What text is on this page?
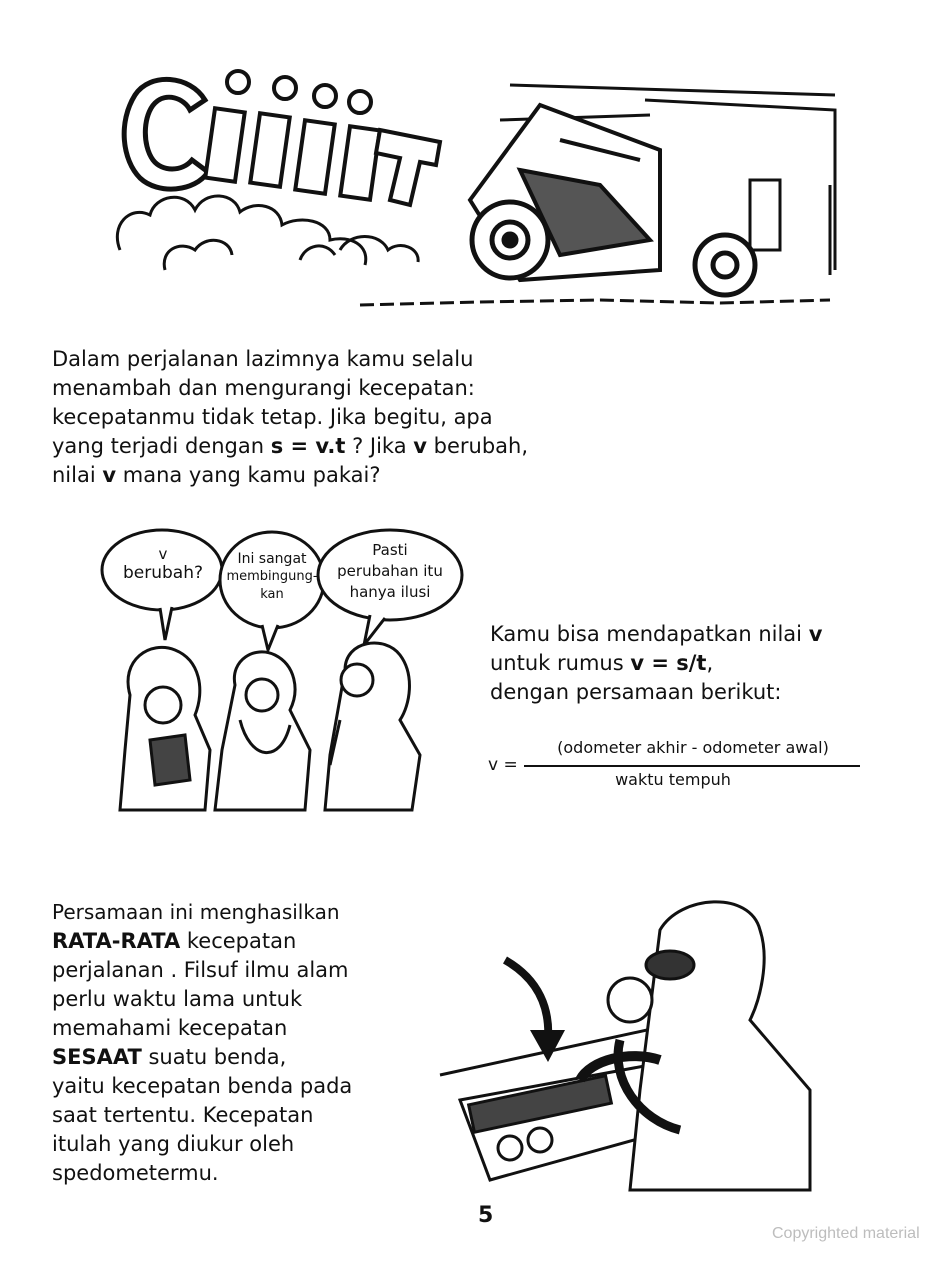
Dalam perjalanan lazimnya kamu selalu
menambah dan mengurangi kecepatan:
kecepatanmu tidak tetap. Jika begitu, apa
yang terjadi dengan s = v.t ? Jika v berubah,
nilai v mana yang kamu pakai?
v
berubah?
Ini sangat
membingung-
kan
Pasti
perubahan itu
hanya ilusi
Kamu bisa mendapatkan nilai v
untuk rumus v = s/t,
dengan persamaan berikut:
v =
(odometer akhir - odometer awal)
waktu tempuh
Persamaan ini menghasilkan
RATA-RATA kecepatan
perjalanan . Filsuf ilmu alam
perlu waktu lama untuk
memahami kecepatan
SESAAT suatu benda,
yaitu kecepatan benda pada
saat tertentu. Kecepatan
itulah yang diukur oleh
spedometermu.
5
Copyrighted material
